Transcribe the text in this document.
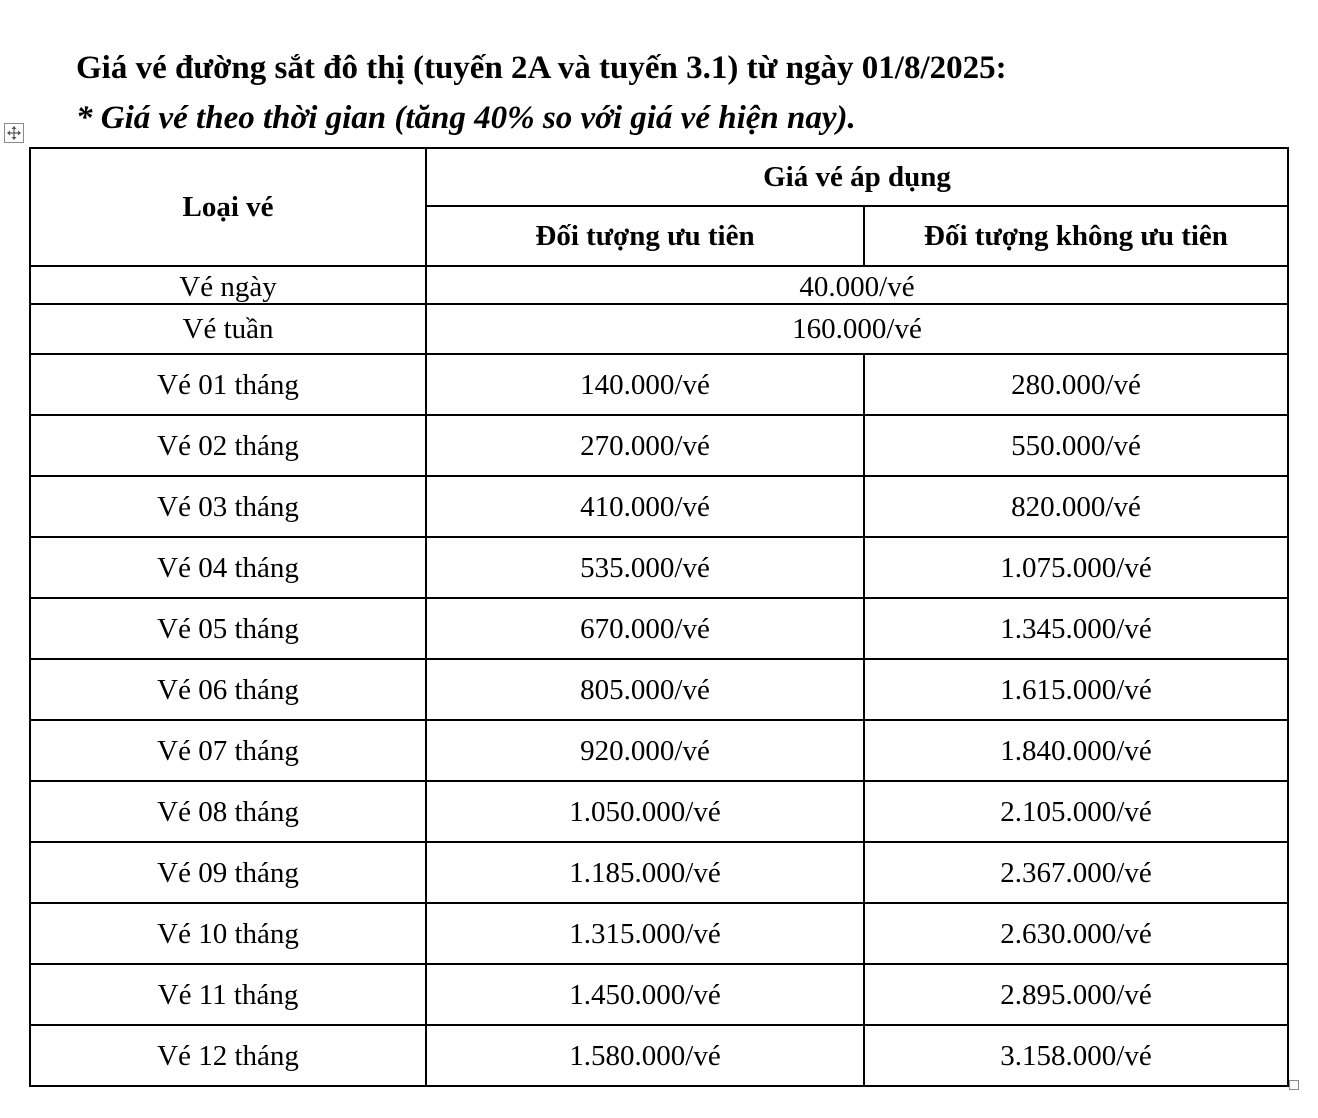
Giá vé đường sắt đô thị (tuyến 2A và tuyến 3.1) từ ngày 01/8/2025:
* Giá vé theo thời gian (tăng 40% so với giá vé hiện nay).
Loại vé	Giá vé áp dụng	
	Đối tượng ưu tiên	Đối tượng không ưu tiên
Vé ngày	40.000/vé	
Vé tuần	160.000/vé	
Vé 01 tháng	140.000/vé	280.000/vé
Vé 02 tháng	270.000/vé	550.000/vé
Vé 03 tháng	410.000/vé	820.000/vé
Vé 04 tháng	535.000/vé	1.075.000/vé
Vé 05 tháng	670.000/vé	1.345.000/vé
Vé 06 tháng	805.000/vé	1.615.000/vé
Vé 07 tháng	920.000/vé	1.840.000/vé
Vé 08 tháng	1.050.000/vé	2.105.000/vé
Vé 09 tháng	1.185.000/vé	2.367.000/vé
Vé 10 tháng	1.315.000/vé	2.630.000/vé
Vé 11 tháng	1.450.000/vé	2.895.000/vé
Vé 12 tháng	1.580.000/vé	3.158.000/vé
